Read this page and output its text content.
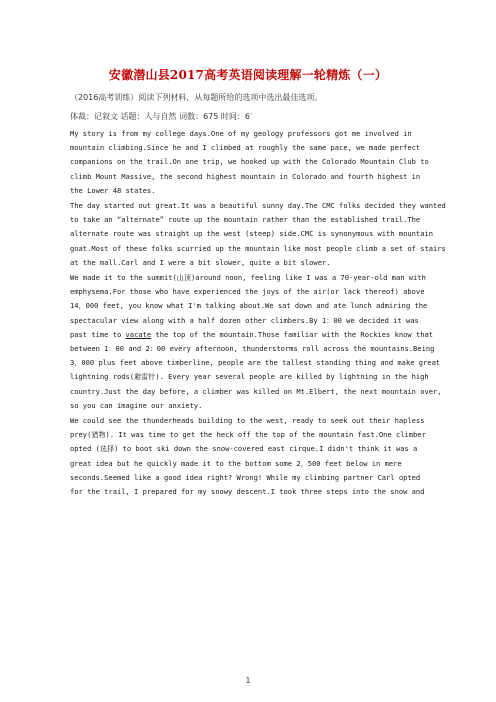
安徽潜山县2017高考英语阅读理解一轮精炼（一）
（2016高考训练）阅读下列材料，从每题所给的选项中选出最佳选项。
体裁：记叙文 话题：人与自然 词数：675 时间：6′
My story is from my college days.One of my geology professors got me involved in
mountain climbing.Since he and I climbed at roughly the same pace, we made perfect
companions on the trail.On one trip, we hooked up with the Colorado Mountain Club to
climb Mount Massive, the second highest mountain in Colorado and fourth highest in
the Lower 48 states.
The day started out great.It was a beautiful sunny day.The CMC folks decided they wanted
to take an “alternate” route up the mountain rather than the established trail.The
alternate route was straight up the west (steep) side.CMC is synonymous with mountain
goat.Most of these folks scurried up the mountain like most people climb a set of stairs
at the mall.Carl and I were a bit slower, quite a bit slower.
We made it to the summit(山顶)around noon, feeling like I was a 70-year-old man with
emphysema.For those who have experienced the joys of the air(or lack thereof) above
14，000 feet, you know what I'm talking about.We sat down and ate lunch admiring the
spectacular view along with a half dozen other climbers.By 1：00 we decided it was
past time to vacate the top of the mountain.Those familiar with the Rockies know that
between 1：00 and 2：00 every afternoon, thunderstorms roll across the mountains.Being
3，000 plus feet above timberline, people are the tallest standing thing and make great
lightning rods(避雷针). Every year several people are killed by lightning in the high
country.Just the day before, a climber was killed on Mt.Elbert, the next mountain over,
so you can imagine our anxiety.
We could see the thunderheads building to the west, ready to seek out their hapless
prey(猎物). It was time to get the heck off the top of the mountain fast.One climber
opted (选择) to boot ski down the snow-covered east cirque.I didn't think it was a
great idea but he quickly made it to the bottom some 2，500 feet below in mere
seconds.Seemed like a good idea right? Wrong! While my climbing partner Carl opted
for the trail, I prepared for my snowy descent.I took three steps into the snow and
1
